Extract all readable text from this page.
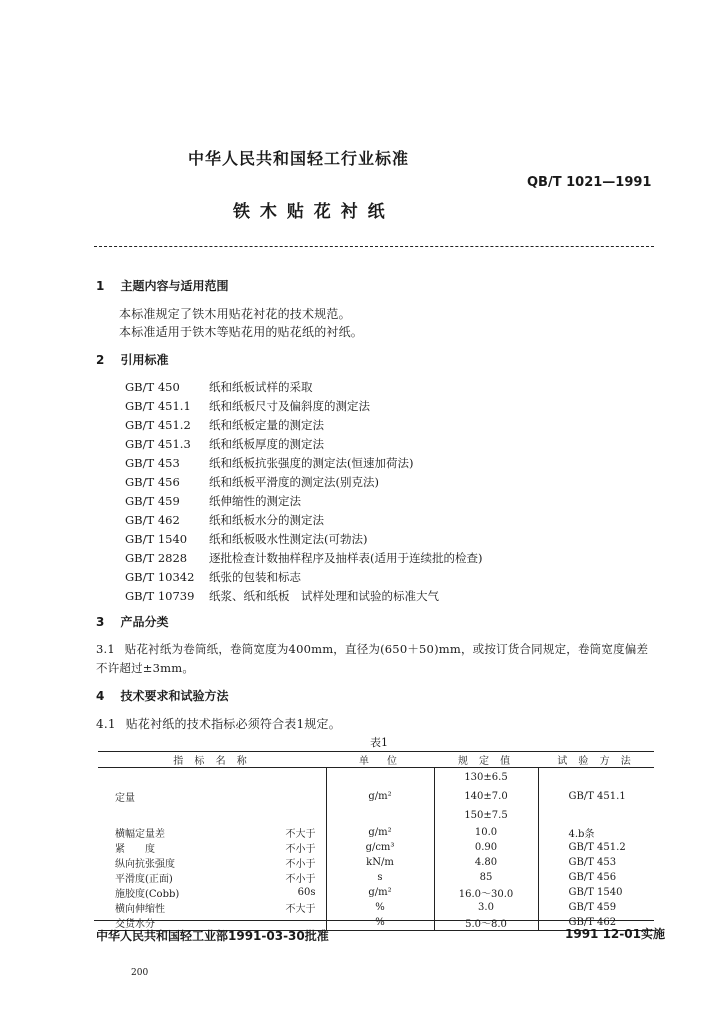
中华人民共和国轻工行业标准
QB/T 1021—1991
铁 木 贴 花 衬 纸
1 主题内容与适用范围
本标准规定了铁木用贴花衬花的技术规范。
本标准适用于铁木等贴花用的贴花纸的衬纸。
2 引用标准
GB/T 450	纸和纸板试样的采取
GB/T 451.1 纸和纸板尺寸及偏斜度的测定法
GB/T 451.2 纸和纸板定量的测定法
GB/T 451.3 纸和纸板厚度的测定法
GB/T 453	纸和纸板抗张强度的测定法(恒速加荷法)
GB/T 456	纸和纸板平滑度的测定法(别克法)
GB/T 459	纸伸缩性的测定法
GB/T 462	纸和纸板水分的测定法
GB/T 1540 纸和纸板吸水性测定法(可勃法)
GB/T 2828 逐批检查计数抽样程序及抽样表(适用于连续批的检查)
GB/T 10342 纸张的包装和标志
GB/T 10739 纸浆、纸和纸板　试样处理和试验的标准大气
3 产品分类
3.1 贴花衬纸为卷筒纸，卷筒宽度为400mm，直径为(650＋50)mm，或按订货合同规定，卷筒宽度偏差
不许超过±3mm。
4 技术要求和试验方法
4.1 贴花衬纸的技术指标必须符合表1规定。
表1
指 标 名 称		单　位	规 定 值	试 验 方 法
定量		g/m²	130±6.5	GB/T 451.1
			140±7.0	
			150±7.5	
横幅定量差	不大于	g/m²	10.0	4.b条
紧　　度	不小于	g/cm³	0.90	GB/T 451.2
纵向抗张强度	不小于	kN/m	4.80	GB/T 453
平滑度(正面)	不小于	s	85	GB/T 456
施胶度(Cobb)	60s	g/m²	16.0～30.0	GB/T 1540
横向伸缩性	不大于	%	3.0	GB/T 459
交货水分		%	5.0～8.0	GB/T 462
中华人民共和国轻工业部1991-03-30批准	1991 12-01实施
200
